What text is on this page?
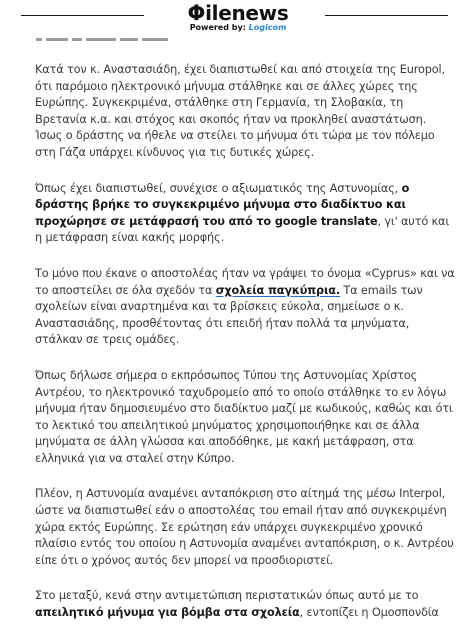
Φilenews
Powered by: Logicom

Κατά τον κ. Αναστασιάδη, έχει διαπιστωθεί και από στοιχεία της Europol, ότι παρόμοιο ηλεκτρονικό μήνυμα στάλθηκε και σε άλλες χώρες της Ευρώπης. Συγκεκριμένα, στάλθηκε στη Γερμανία, τη Σλοβακία, τη Βρετανία κ.α. και στόχος και σκοπός ήταν να προκληθεί αναστάτωση. Ίσως ο δράστης να ήθελε να στείλει το μήνυμα ότι τώρα με τον πόλεμο στη Γάζα υπάρχει κίνδυνος για τις δυτικές χώρες.

Όπως έχει διαπιστωθεί, συνέχισε ο αξιωματικός της Αστυνομίας, ο δράστης βρήκε το συγκεκριμένο μήνυμα στο διαδίκτυο και προχώρησε σε μετάφρασή του από το google translate, γι' αυτό και η μετάφραση είναι κακής μορφής.

Το μόνο που έκανε ο αποστολέας ήταν να γράψει το όνομα «Cyprus» και να το αποστείλει σε όλα σχεδόν τα σχολεία παγκύπρια. Τα emails των σχολείων είναι αναρτημένα και τα βρίσκεις εύκολα, σημείωσε ο κ. Αναστασιάδης, προσθέτοντας ότι επειδή ήταν πολλά τα μηνύματα, στάλκαν σε τρεις ομάδες.

Όπως δήλωσε σήμερα ο εκπρόσωπος Τύπου της Αστυνομίας Χρίστος Αντρέου, το ηλεκτρονικό ταχυδρομείο από το οποίο στάλθηκε το εν λόγω μήνυμα ήταν δημοσιευμένο στο διαδίκτυο μαζί με κωδικούς, καθώς και ότι το λεκτικό του απειλητικού μηνύματος χρησιμοποιήθηκε και σε άλλα μηνύματα σε άλλη γλώσσα και αποδόθηκε, με κακή μετάφραση, στα ελληνικά για να σταλεί στην Κύπρο.

Πλέον, η Αστυνομία αναμένει ανταπόκριση στο αίτημά της μέσω Interpol, ώστε να διαπιστωθεί εάν ο αποστολέας του email ήταν από συγκεκριμένη χώρα εκτός Ευρώπης. Σε ερώτηση εάν υπάρχει συγκεκριμένο χρονικό πλαίσιο εντός του οποίου η Αστυνομία αναμένει ανταπόκριση, ο κ. Αντρέου είπε ότι ο χρόνος αυτός δεν μπορεί να προσδιοριστεί.

Στο μεταξύ, κενά στην αντιμετώπιση περιστατικών όπως αυτό με το απειλητικό μήνυμα για βόμβα στα σχολεία, εντοπίζει η Ομοσπονδία
